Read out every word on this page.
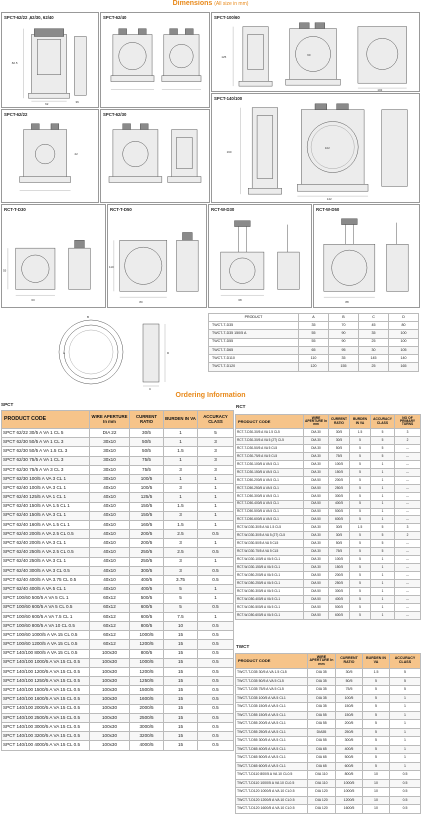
Dimensions (All size in mm)
SPCT-62/22 ,62/30, 62/40
82.5
62	36
SPCT-62/40	SPCT-100/60
125	60
102
SPCT-140/100
160
102
142
SPCT-62/22
22
SPCT-62/30
RCT-T-D30
55
60
RCT-T-D50
110
80
RCT-W-D30
68
RCT-W-D50
88
A
B
C
D
PRODUCT	A	B	C	D
TWCT-T-D35	35	70	45	80
TWCT-T-D35 150/5 A	55	90	35	100
TWCT-T-D55	55	90	25	100
TWCT-T-D65	65	95	30	105
TWCT-T-D110	110	35	145	140
TWCT-T-D120	120	155	25	165
Ordering Information
SPCT	RCT
TWCT
PRODUCT CODE	WIRE APERTURE In mm	CURRENT RATIO	BURDEN IN VA	ACCURACY CLASS
SPCT 62/22 30/5 A VA 1 CL 5	DIA 22	30/5	1	5
SPCT 62/30 50/5 A VA 1 CL 3	30x10	50/5	1	3
SPCT 62/30 50/5 A VA 1.5 CL 3	30x10	50/5	1.5	3
SPCT 62/30 75/5 A VA 1 CL 3	30x10	75/5	1	3
SPCT 62/30 75/5 A VA 3 CL 3	30x10	75/5	3	3
SPCT 62/30 100/5 A VA 3 CL 1	30x10	100/5	1	1
SPCT 62/40 100/5 A VA 3 CL 1	40x10	100/5	3	1
SPCT 62/40 125/5 A VA 1 CL 1	40x10	125/5	1	1
SPCT 62/40 150/5 A VA 1.5 CL 1	40x10	150/5	1.5	1
SPCT 62/40 150/5 A VA 3 CL 1	40x10	150/5	3	1
SPCT 62/40 160/5 A VA 1.5 CL 1	40x10	160/5	1.5	1
SPCT 62/40 200/5 A VA 2.5 CL 0.5	40x10	200/5	2.5	0.5
SPCT 62/40 200/5 A VA 3 CL 1	40x10	200/5	3	1
SPCT 62/40 250/5 A VA 2.5 CL 0.5	40x10	250/5	2.5	0.5
SPCT 62/40 250/5 A VA 3 CL 1	40x10	250/5	3	1
SPCT 62/40 300/5 A VA 3 CL 0.5	40x10	300/5	3	0.5
SPCT 62/40 400/5 A VA 3.75 CL 0.5	40x10	400/5	3.75	0.5
SPCT 62/40 400/5 A VA 5 CL 1	40x10	400/5	5	1
SPCT 100/60 500/5 A VA 5 CL 1	60x12	500/5	5	1
SPCT 100/60 600/5 A VA 5 CL 0.5	60x12	600/5	5	0.5
SPCT 100/60 600/5 A VA 7.5 CL 1	60x12	600/5	7.5	1
SPCT 100/60 800/5 A VA 10 CL 0.5	60x12	800/5	10	0.5
SPCT 100/60 1000/5 A VA 15 CL 0.5	60x12	1000/5	15	0.5
SPCT 100/60 1200/5 A VA 15 CL 0.5	60x12	1200/5	15	0.5
SPCT 140/100 800/5 A VA 15 CL 0.5	100x30	800/5	15	0.5
SPCT 140/100 1000/5 A VA 15 CL 0.5	100x30	1000/5	15	0.5
SPCT 140/100 1200/5 A VA 15 CL 0.5	100x30	1200/5	15	0.5
SPCT 140/100 1250/5 A VA 15 CL 0.5	100x30	1250/5	15	0.5
SPCT 140/100 1500/5 A VA 15 CL 0.5	100x30	1500/5	15	0.5
SPCT 140/100 1600/5 A VA 15 CL 0.5	100x30	1600/5	15	0.5
SPCT 140/100 2000/5 A VA 15 CL 0.5	100x30	2000/5	15	0.5
SPCT 140/100 2500/5 A VA 15 CL 0.5	100x30	2500/5	15	0.5
SPCT 140/100 3000/5 A VA 15 CL 0.5	100x30	3000/5	15	0.5
SPCT 140/100 3200/5 A VA 15 CL 0.5	100x30	3200/5	15	0.5
SPCT 140/100 4000/5 A VA 15 CL 0.5	100x30	4000/5	15	0.5
PRODUCT CODE	WIRE APERTURE In mm	CURRENT RATIO	BURDEN IN VA	ACCURACY CLASS	NO OF PRIMARY TURNS
RCT-T-D30-30/5 A VA 1.5 CL5	DIA 30	30/5	1.5	5	3
RCT-T-D30-30/5 A VA 5 (2T) CL5	DIA 30	30/5	5	5	2
RCT-T-D30-50/5 A VA 5 CL5	DIA 30	50/5	5	5	---
RCT-T-D30-75/5 A VA 5 CL5	DIA 30	75/5	5	5	---
RCT-T-D30-100/5 A VA 5 CL1	DIA 30	100/5	5	1	---
RCT-T-D30-150/5 A VA 5 CL1	DIA 30	150/5	5	1	---
RCT-T-D50-200/5 A VA 5 CL1	DIA 50	200/5	5	1	---
RCT-T-D50-250/5 A VA 5 CL1	DIA 50	250/5	5	1	---
RCT-T-D50-300/5 A VA 5 CL1	DIA 50	300/5	5	1	---
RCT-T-D50-400/5 A VA 5 CL1	DIA 50	400/5	5	1	---
RCT-T-D50-500/5 A VA 5 CL1	DIA 50	500/5	5	1	---
RCT-T-D50-600/5 A VA 5 CL1	DIA 50	600/5	5	1	---
RCT-W-D30-30/5 A VA 1.5 CL5	DIA 30	30/5	1.5	5	3
RCT-W-D30-30/5 A VA 5 (2T) CL5	DIA 30	30/5	5	5	2
RCT-W-D30-50/5 A VA 5 CL5	DIA 30	50/5	5	5	---
RCT-W-D30-75/5 A VA 5 CL5	DIA 30	75/5	5	5	---
RCT-W-D30-100/5 A VA 5 CL1	DIA 30	100/5	5	1	---
RCT-W-D30-150/5 A VA 5 CL1	DIA 30	150/5	5	1	---
RCT-W-D50-200/5 A VA 5 CL1	DIA 50	200/5	5	1	---
RCT-W-D50-250/5 A VA 5 CL1	DIA 50	250/5	5	1	---
RCT-W-D50-300/5 A VA 5 CL1	DIA 50	300/5	5	1	---
RCT-W-D50-400/5 A VA 5 CL1	DIA 50	400/5	5	1	---
RCT-W-D50-500/5 A VA 5 CL1	DIA 50	500/5	5	1	---
RCT-W-D50-600/5 A VA 5 CL1	DIA 50	600/5	5	1	---
PRODUCT CODE	WIRE APERTURE In mm	CURRENT RATIO	BURDEN IN VA	ACCURACY CLASS
TWCT-T-D35 30/5 A VA 1.5 CL5	DIA 35	30/5	1.5	5
TWCT-T-D35 50/5 A VA 5 CL5	DIA 35	50/5	5	5
TWCT-T-D35 75/5 A VA 5 CL5	DIA 35	75/5	5	5
TWCT-T-D35 100/5 A VA 5 CL1	DIA 35	100/5	5	1
TWCT-T-D35 150/5 A VA 5 CL1	DIA 35	150/5	5	1
TWCT-T-D55 150/5 A VA 5 CL1	DIA 55	150/5	5	1
TWCT-T-D55 200/5 A VA 5 CL1	DIA 55	200/5	5	1
TWCT-T-D55 250/5 A VA 5 CL1	DIA55	250/5	5	1
TWCT-T-D55 300/5 A VA 5 CL1	DIA 55	300/5	5	1
TWCT-T-D65 400/5 A VA 5 CL1	DIA 65	400/5	5	1
TWCT-T-D65 500/5 A VA 5 CL1	DIA 65	500/5	5	1
TWCT-T-D65 600/5 A VA 5 CL1	DIA 65	600/5	5	1
TWCT-T-D110 800/5 A VA 10 CL0.5	DIA 110	800/5	10	0.5
TWCT-T-D110 1000/5 A VA 10 CL0.5	DIA 110	1000/5	10	0.5
TWCT-T-D120 1000/5 A VA 10 CL0.5	DIA 120	1000/5	10	0.5
TWCT-T-D120 1200/5 A VA 10 CL0.5	DIA 120	1200/5	10	0.5
TWCT-T-D120 1600/5 A VA 10 CL0.5	DIA 120	1600/5	10	0.5
